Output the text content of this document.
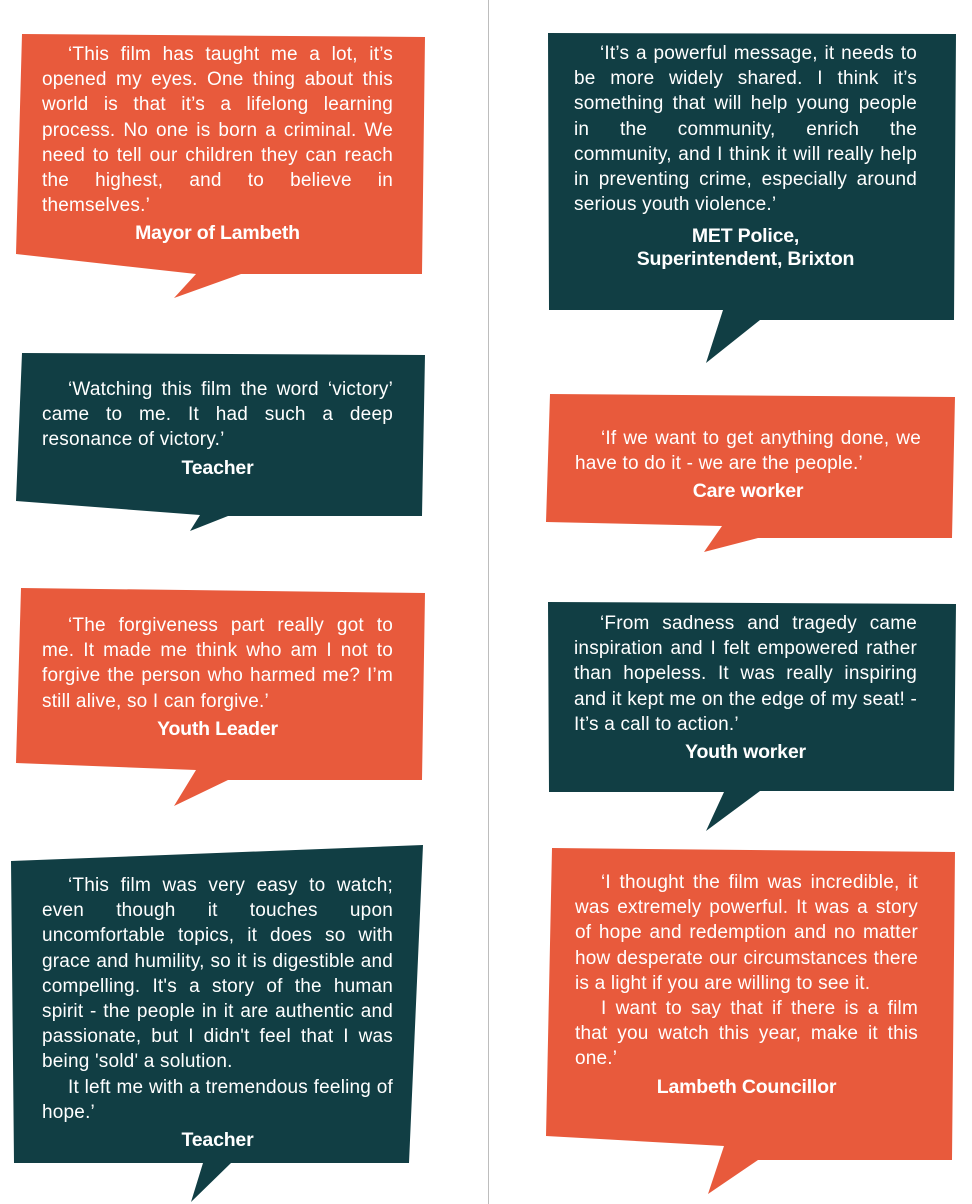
‘This film has taught me a lot, it’s opened my eyes. One thing about this world is that it’s a lifelong learning process. No one is born a criminal. We need to tell our children they can reach the highest, and to believe in themselves.’

Mayor of Lambeth

‘It’s a powerful message, it needs to be more widely shared. I think it’s something that will help young people in the community, enrich the community, and I think it will really help in preventing crime, especially around serious youth violence.’

MET Police,
Superintendent, Brixton

‘Watching this film the word ‘victory’ came to me. It had such a deep resonance of victory.’

Teacher

‘If we want to get anything done, we have to do it - we are the people.’

Care worker

‘The forgiveness part really got to me. It made me think who am I not to forgive the person who harmed me? I’m still alive, so I can forgive.’

Youth Leader

‘From sadness and tragedy came inspiration and I felt empowered rather than hopeless. It was really inspiring and it kept me on the edge of my seat! - It’s a call to action.’

Youth worker

‘This film was very easy to watch; even though it touches upon uncomfortable topics, it does so with grace and humility, so it is digestible and compelling. It's a story of the human spirit - the people in it are authentic and passionate, but I didn't feel that I was being 'sold' a solution.

It left me with a tremendous feeling of hope.’

Teacher

‘I thought the film was incredible, it was extremely powerful. It was a story of hope and redemption and no matter how desperate our circumstances there is a light if you are willing to see it.

I want to say that if there is a film that you watch this year, make it this one.’

Lambeth Councillor
